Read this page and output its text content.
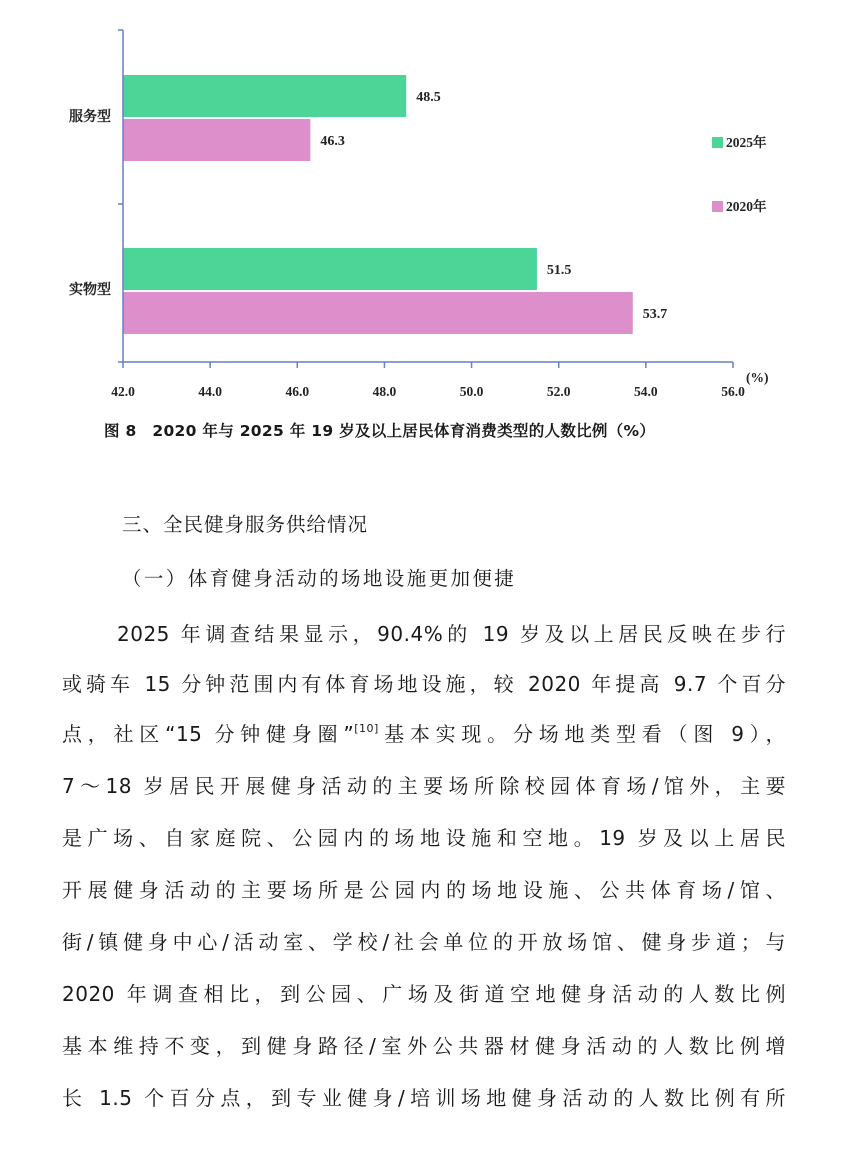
48.5
46.3
51.5
53.7
服务型
实物型
42.0	44.0	46.0	48.0	50.0	52.0	54.0	56.0
(%)
2025年
2020年
图 8　2020 年与 2025 年 19 岁及以上居民体育消费类型的人数比例（%）
三、全民健身服务供给情况
（一）体育健身活动的场地设施更加便捷
2025 年调查结果显示，90.4%的 19 岁及以上居民反映在步行
或骑车 15 分钟范围内有体育场地设施，较 2020 年提高 9.7 个百分
点，社区“15 分钟健身圈”[10]基本实现。分场地类型看（图 9），
7～18 岁居民开展健身活动的主要场所除校园体育场/馆外，主要
是广场、自家庭院、公园内的场地设施和空地。19 岁及以上居民
开展健身活动的主要场所是公园内的场地设施、公共体育场/馆、
街/镇健身中心/活动室、学校/社会单位的开放场馆、健身步道；与
2020 年调查相比，到公园、广场及街道空地健身活动的人数比例
基本维持不变，到健身路径/室外公共器材健身活动的人数比例增
长 1.5 个百分点，到专业健身/培训场地健身活动的人数比例有所
